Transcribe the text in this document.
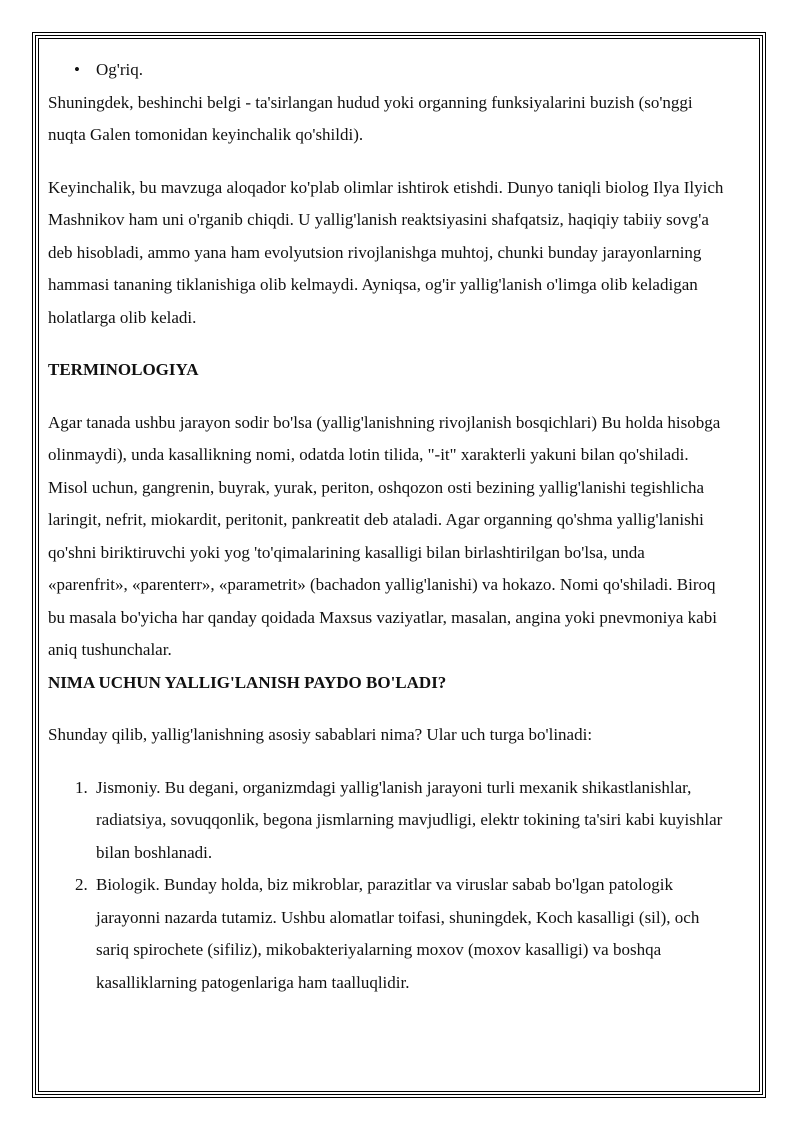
• Og'riq.

Shuningdek, beshinchi belgi - ta'sirlangan hudud yoki organning funksiyalarini buzish (so'nggi nuqta Galen tomonidan keyinchalik qo'shildi).

Keyinchalik, bu mavzuga aloqador ko'plab olimlar ishtirok etishdi. Dunyo taniqli biolog Ilya Ilyich Mashnikov ham uni o'rganib chiqdi. U yallig'lanish reaktsiyasini shafqatsiz, haqiqiy tabiiy sovg'a deb hisobladi, ammo yana ham evolyutsion rivojlanishga muhtoj, chunki bunday jarayonlarning hammasi tananing tiklanishiga olib kelmaydi. Ayniqsa, og'ir yallig'lanish o'limga olib keladigan holatlarga olib keladi.

TERMINOLOGIYA

Agar tanada ushbu jarayon sodir bo'lsa (yallig'lanishning rivojlanish bosqichlari) Bu holda hisobga olinmaydi), unda kasallikning nomi, odatda lotin tilida, "-it" xarakterli yakuni bilan qo'shiladi. Misol uchun, gangrenin, buyrak, yurak, periton, oshqozon osti bezining yallig'lanishi tegishlicha laringit, nefrit, miokardit, peritonit, pankreatit deb ataladi. Agar organning qo'shma yallig'lanishi qo'shni biriktiruvchi yoki yog 'to'qimalarining kasalligi bilan birlashtirilgan bo'lsa, unda «parenfrit», «parenterr», «parametrit» (bachadon yallig'lanishi) va hokazo. Nomi qo'shiladi. Biroq bu masala bo'yicha har qanday qoidada Maxsus vaziyatlar, masalan, angina yoki pnevmoniya kabi aniq tushunchalar.

NIMA UCHUN YALLIG'LANISH PAYDO BO'LADI?

Shunday qilib, yallig'lanishning asosiy sabablari nima? Ular uch turga bo'linadi:

1. Jismoniy. Bu degani, organizmdagi yallig'lanish jarayoni turli mexanik shikastlanishlar, radiatsiya, sovuqqonlik, begona jismlarning mavjudligi, elektr tokining ta'siri kabi kuyishlar bilan boshlanadi.
2. Biologik. Bunday holda, biz mikroblar, parazitlar va viruslar sabab bo'lgan patologik jarayonni nazarda tutamiz. Ushbu alomatlar toifasi, shuningdek, Koch kasalligi (sil), och sariq spirochete (sifiliz), mikobakteriyalarning moxov (moxov kasalligi) va boshqa kasalliklarning patogenlariga ham taalluqlidir.
